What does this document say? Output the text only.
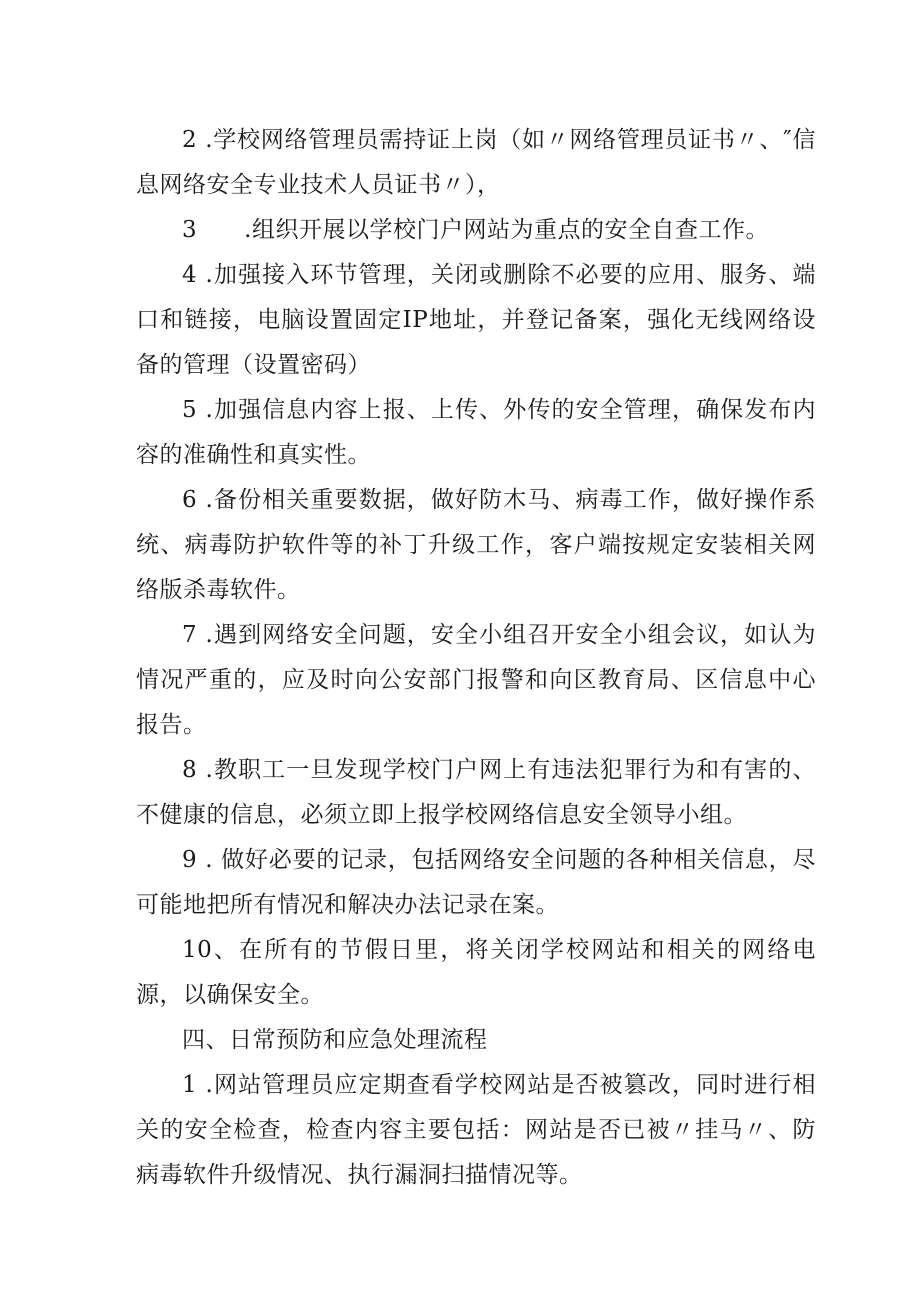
2 .学校网络管理员需持证上岗（如〃网络管理员证书〃、″信息网络安全专业技术人员证书〃），

3　　.组织开展以学校门户网站为重点的安全自查工作。

4 .加强接入环节管理，关闭或删除不必要的应用、服务、端口和链接，电脑设置固定IP地址，并登记备案，强化无线网络设备的管理（设置密码）

5 .加强信息内容上报、上传、外传的安全管理，确保发布内容的准确性和真实性。

6 .备份相关重要数据，做好防木马、病毒工作，做好操作系统、病毒防护软件等的补丁升级工作，客户端按规定安装相关网络版杀毒软件。

7 .遇到网络安全问题，安全小组召开安全小组会议，如认为情况严重的，应及时向公安部门报警和向区教育局、区信息中心报告。

8 .教职工一旦发现学校门户网上有违法犯罪行为和有害的、不健康的信息，必须立即上报学校网络信息安全领导小组。

9 . 做好必要的记录，包括网络安全问题的各种相关信息，尽可能地把所有情况和解决办法记录在案。

10、在所有的节假日里，将关闭学校网站和相关的网络电源，以确保安全。

四、日常预防和应急处理流程

1 .网站管理员应定期查看学校网站是否被篡改，同时进行相关的安全检查，检查内容主要包括：网站是否已被〃挂马〃、防病毒软件升级情况、执行漏洞扫描情况等。
